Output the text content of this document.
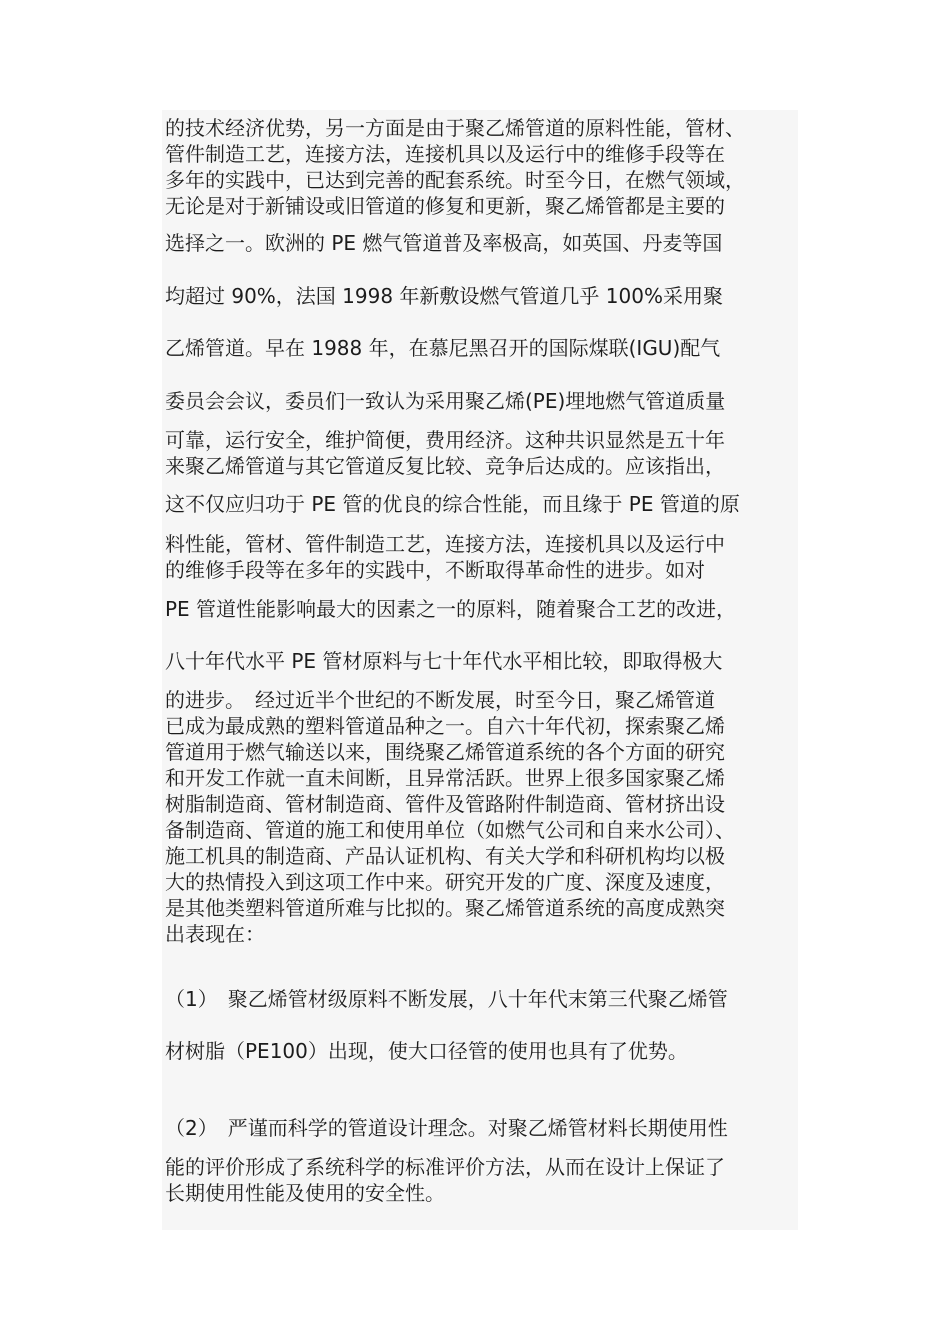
的技术经济优势，另一方面是由于聚乙烯管道的原料性能，管材、
管件制造工艺，连接方法，连接机具以及运行中的维修手段等在
多年的实践中，已达到完善的配套系统。时至今日，在燃气领域，
无论是对于新铺设或旧管道的修复和更新，聚乙烯管都是主要的
选择之一。欧洲的 PE 燃气管道普及率极高，如英国、丹麦等国
均超过 90%，法国 1998 年新敷设燃气管道几乎 100%采用聚
乙烯管道。早在 1988 年，在慕尼黑召开的国际煤联(IGU)配气
委员会会议，委员们一致认为采用聚乙烯(PE)埋地燃气管道质量
可靠，运行安全，维护简便，费用经济。这种共识显然是五十年
来聚乙烯管道与其它管道反复比较、竞争后达成的。应该指出，
这不仅应归功于 PE 管的优良的综合性能，而且缘于 PE 管道的原
料性能，管材、管件制造工艺，连接方法，连接机具以及运行中
的维修手段等在多年的实践中，不断取得革命性的进步。如对
PE 管道性能影响最大的因素之一的原料，随着聚合工艺的改进，
八十年代水平 PE 管材原料与七十年代水平相比较，即取得极大
的进步。　经过近半个世纪的不断发展，时至今日，聚乙烯管道
已成为最成熟的塑料管道品种之一。自六十年代初，探索聚乙烯
管道用于燃气输送以来，围绕聚乙烯管道系统的各个方面的研究
和开发工作就一直未间断，且异常活跃。世界上很多国家聚乙烯
树脂制造商、管材制造商、管件及管路附件制造商、管材挤出设
备制造商、管道的施工和使用单位（如燃气公司和自来水公司）、
施工机具的制造商、产品认证机构、有关大学和科研机构均以极
大的热情投入到这项工作中来。研究开发的广度、深度及速度，
是其他类塑料管道所难与比拟的。聚乙烯管道系统的高度成熟突
出表现在：
（1）　聚乙烯管材级原料不断发展，八十年代末第三代聚乙烯管
材树脂（PE100）出现，使大口径管的使用也具有了优势。
（2）　严谨而科学的管道设计理念。对聚乙烯管材料长期使用性
能的评价形成了系统科学的标准评价方法，从而在设计上保证了
长期使用性能及使用的安全性。
